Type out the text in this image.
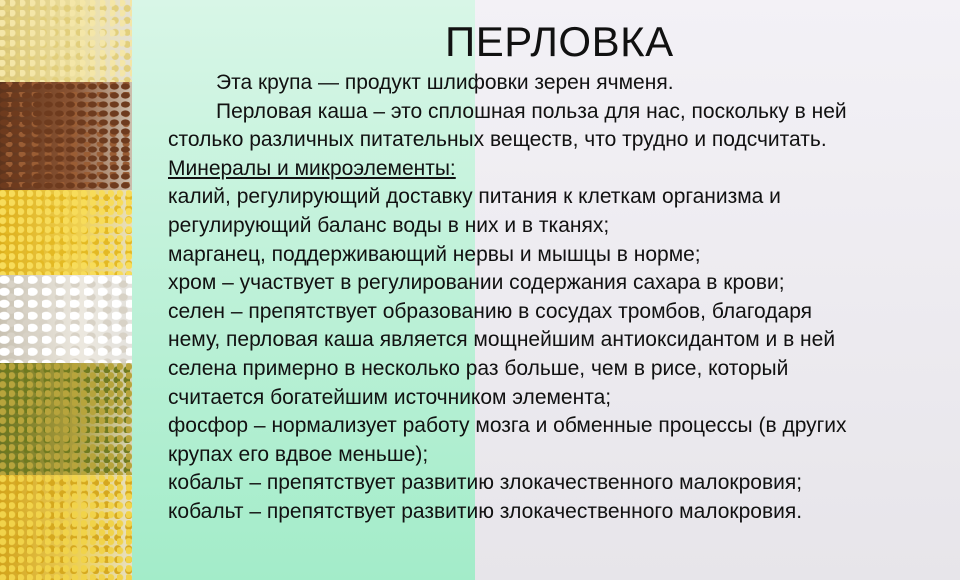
ПЕРЛОВКА
Эта крупа — продукт шлифовки зерен ячменя.
Перловая каша – это сплошная польза для нас, поскольку в ней
столько различных питательных веществ, что трудно и подсчитать.
Минералы и микроэлементы:
калий, регулирующий доставку питания к клеткам организма и
регулирующий баланс воды в них и в тканях;
марганец, поддерживающий нервы и мышцы в норме;
хром – участвует в регулировании содержания сахара в крови;
селен – препятствует образованию в сосудах тромбов, благодаря
нему, перловая каша является мощнейшим антиоксидантом и в ней
селена примерно в несколько раз больше, чем в рисе, который
считается богатейшим источником элемента;
фосфор – нормализует работу мозга и обменные процессы (в других
крупах его вдвое меньше);
кобальт – препятствует развитию злокачественного малокровия;
кобальт – препятствует развитию злокачественного малокровия.
